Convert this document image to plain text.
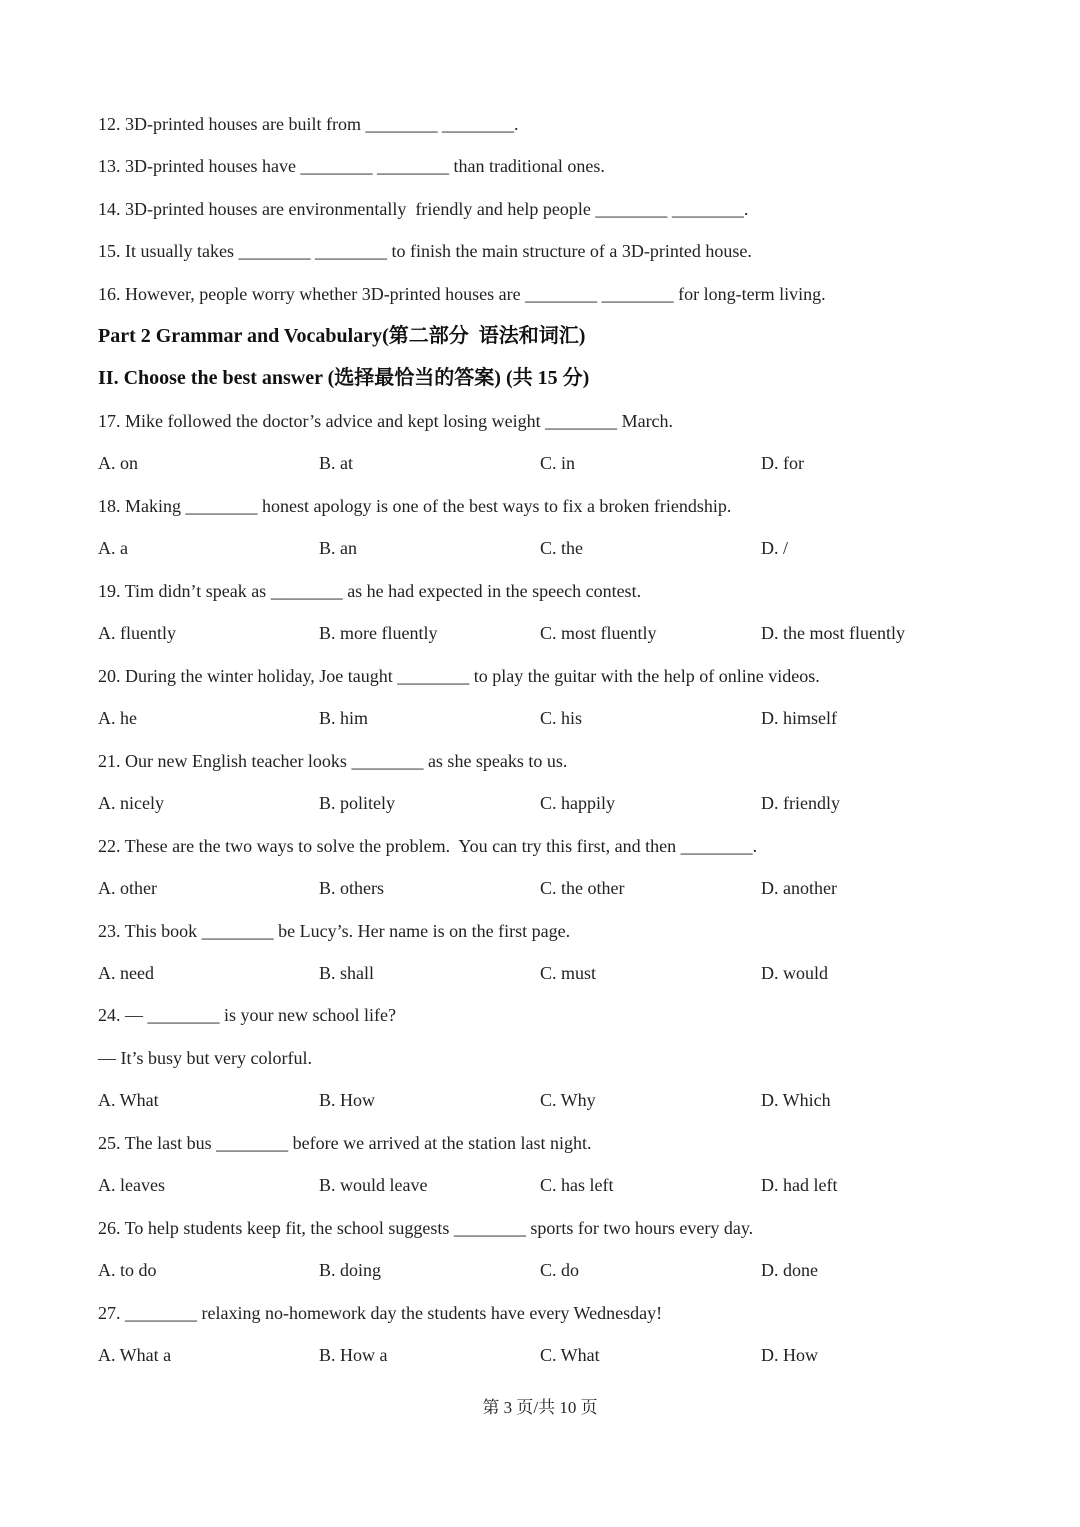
12. 3D-printed houses are built from ________ ________.
13. 3D-printed houses have ________ ________ than traditional ones.
14. 3D-printed houses are environmentally  friendly and help people ________ ________.
15. It usually takes ________ ________ to finish the main structure of a 3D-printed house.
16. However, people worry whether 3D-printed houses are ________ ________ for long-term living.
Part 2 Grammar and Vocabulary(第二部分  语法和词汇)
II. Choose the best answer (选择最恰当的答案) (共 15 分)
17. Mike followed the doctor’s advice and kept losing weight ________ March.
A. on	B. at	C. in	D. for
18. Making ________ honest apology is one of the best ways to fix a broken friendship.
A. a	B. an	C. the	D. /
19. Tim didn’t speak as ________ as he had expected in the speech contest.
A. fluently	B. more fluently	C. most fluently	D. the most fluently
20. During the winter holiday, Joe taught ________ to play the guitar with the help of online videos.
A. he	B. him	C. his	D. himself
21. Our new English teacher looks ________ as she speaks to us.
A. nicely	B. politely	C. happily	D. friendly
22. These are the two ways to solve the problem.  You can try this first, and then ________.
A. other	B. others	C. the other	D. another
23. This book ________ be Lucy’s. Her name is on the first page.
A. need	B. shall	C. must	D. would
24. — ________ is your new school life?
— It’s busy but very colorful.
A. What	B. How	C. Why	D. Which
25. The last bus ________ before we arrived at the station last night.
A. leaves	B. would leave	C. has left	D. had left
26. To help students keep fit, the school suggests ________ sports for two hours every day.
A. to do	B. doing	C. do	D. done
27. ________ relaxing no-homework day the students have every Wednesday!
A. What a	B. How a	C. What	D. How
第 3 页/共 10 页
